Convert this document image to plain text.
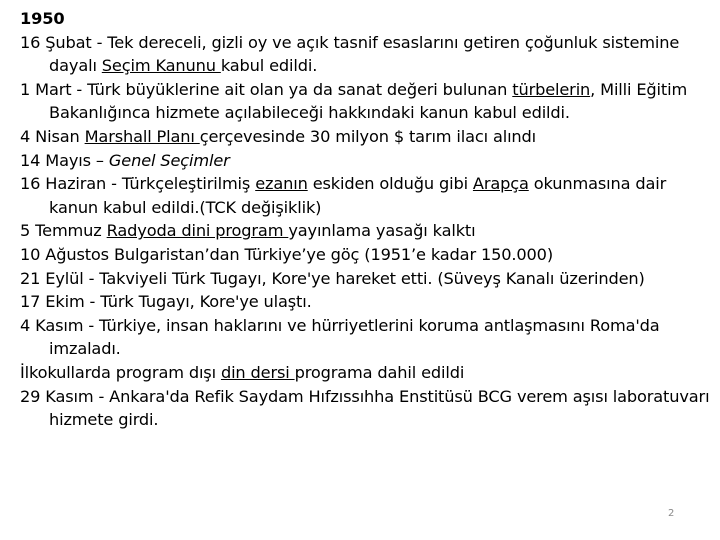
1950

16 Şubat - Tek dereceli, gizli oy ve açık tasnif esaslarını getiren çoğunluk sistemine dayalı Seçim Kanunu kabul edildi.

1 Mart - Türk büyüklerine ait olan ya da sanat değeri bulunan türbelerin, Milli Eğitim Bakanlığınca hizmete açılabileceği hakkındaki kanun kabul edildi.

4 Nisan Marshall Planı çerçevesinde 30 milyon $ tarım ilacı alındı

14 Mayıs – Genel Seçimler

16 Haziran - Türkçeleştirilmiş ezanın eskiden olduğu gibi Arapça okunmasına dair kanun kabul edildi.(TCK değişiklik)

5 Temmuz Radyoda dini program yayınlama yasağı kalktı

10 Ağustos Bulgaristan’dan Türkiye’ye göç (1951’e kadar 150.000)

21 Eylül - Takviyeli Türk Tugayı, Kore'ye hareket etti. (Süveyş Kanalı üzerinden)

17 Ekim - Türk Tugayı, Kore'ye ulaştı.

4 Kasım - Türkiye, insan haklarını ve hürriyetlerini koruma antlaşmasını Roma'da imzaladı.

İlkokullarda program dışı din dersi programa dahil edildi

29 Kasım - Ankara'da Refik Saydam Hıfzıssıhha Enstitüsü BCG verem aşısı laboratuvarı hizmete girdi.

2
